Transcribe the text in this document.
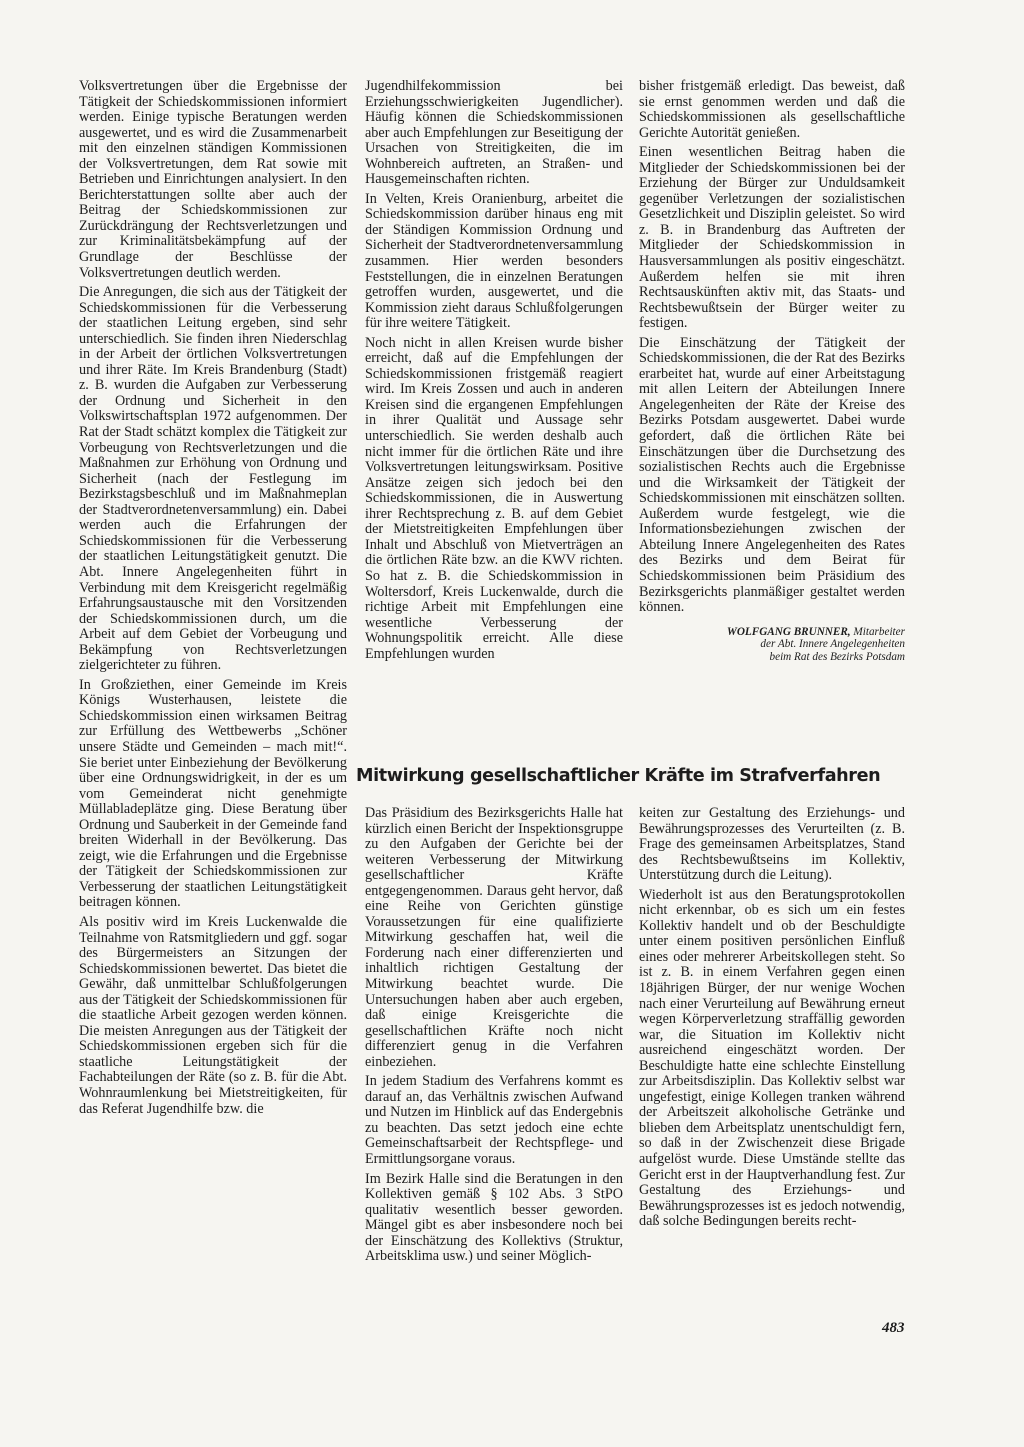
Volksvertretungen über die Ergebnisse der Tätigkeit der Schiedskommissionen informiert werden. Einige typische Beratungen werden ausgewertet, und es wird die Zusammenarbeit mit den einzelnen ständigen Kommissionen der Volksvertretungen, dem Rat sowie mit Betrieben und Einrichtungen analysiert. In den Berichterstattungen sollte aber auch der Beitrag der Schiedskommissionen zur Zurückdrängung der Rechtsverletzungen und zur Kriminalitätsbekämpfung auf der Grundlage der Beschlüsse der Volksvertretungen deutlich werden.

Die Anregungen, die sich aus der Tätigkeit der Schiedskommissionen für die Verbesserung der staatlichen Leitung ergeben, sind sehr unterschiedlich. Sie finden ihren Niederschlag in der Arbeit der örtlichen Volksvertretungen und ihrer Räte. Im Kreis Brandenburg (Stadt) z. B. wurden die Aufgaben zur Verbesserung der Ordnung und Sicherheit in den Volkswirtschaftsplan 1972 aufgenommen. Der Rat der Stadt schätzt komplex die Tätigkeit zur Vorbeugung von Rechtsverletzungen und die Maßnahmen zur Erhöhung von Ordnung und Sicherheit (nach der Festlegung im Bezirkstagsbeschluß und im Maßnahmeplan der Stadtverordnetenversammlung) ein. Dabei werden auch die Erfahrungen der Schiedskommissionen für die Verbesserung der staatlichen Leitungstätigkeit genutzt. Die Abt. Innere Angelegenheiten führt in Verbindung mit dem Kreisgericht regelmäßig Erfahrungsaustausche mit den Vorsitzenden der Schiedskommissionen durch, um die Arbeit auf dem Gebiet der Vorbeugung und Bekämpfung von Rechtsverletzungen zielgerichteter zu führen.

In Großziethen, einer Gemeinde im Kreis Königs Wusterhausen, leistete die Schiedskommission einen wirksamen Beitrag zur Erfüllung des Wettbewerbs „Schöner unsere Städte und Gemeinden – mach mit!“. Sie beriet unter Einbeziehung der Bevölkerung über eine Ordnungswidrigkeit, in der es um vom Gemeinderat nicht genehmigte Müllabladeplätze ging. Diese Beratung über Ordnung und Sauberkeit in der Gemeinde fand breiten Widerhall in der Bevölkerung. Das zeigt, wie die Erfahrungen und die Ergebnisse der Tätigkeit der Schiedskommissionen zur Verbesserung der staatlichen Leitungstätigkeit beitragen können.

Als positiv wird im Kreis Luckenwalde die Teilnahme von Ratsmitgliedern und ggf. sogar des Bürgermeisters an Sitzungen der Schiedskommissionen bewertet. Das bietet die Gewähr, daß unmittelbar Schlußfolgerungen aus der Tätigkeit der Schiedskommissionen für die staatliche Arbeit gezogen werden können. Die meisten Anregungen aus der Tätigkeit der Schiedskommissionen ergeben sich für die staatliche Leitungstätigkeit der Fachabteilungen der Räte (so z. B. für die Abt. Wohnraumlenkung bei Mietstreitigkeiten, für das Referat Jugendhilfe bzw. die

Jugendhilfekommission bei Erziehungsschwierigkeiten Jugendlicher). Häufig können die Schiedskommissionen aber auch Empfehlungen zur Beseitigung der Ursachen von Streitigkeiten, die im Wohnbereich auftreten, an Straßen- und Hausgemeinschaften richten.

In Velten, Kreis Oranienburg, arbeitet die Schiedskommission darüber hinaus eng mit der Ständigen Kommission Ordnung und Sicherheit der Stadtverordnetenversammlung zusammen. Hier werden besonders Feststellungen, die in einzelnen Beratungen getroffen wurden, ausgewertet, und die Kommission zieht daraus Schlußfolgerungen für ihre weitere Tätigkeit.

Noch nicht in allen Kreisen wurde bisher erreicht, daß auf die Empfehlungen der Schiedskommissionen fristgemäß reagiert wird. Im Kreis Zossen und auch in anderen Kreisen sind die ergangenen Empfehlungen in ihrer Qualität und Aussage sehr unterschiedlich. Sie werden deshalb auch nicht immer für die örtlichen Räte und ihre Volksvertretungen leitungswirksam. Positive Ansätze zeigen sich jedoch bei den Schiedskommissionen, die in Auswertung ihrer Rechtsprechung z. B. auf dem Gebiet der Mietstreitigkeiten Empfehlungen über Inhalt und Abschluß von Mietverträgen an die örtlichen Räte bzw. an die KWV richten. So hat z. B. die Schiedskommission in Woltersdorf, Kreis Luckenwalde, durch die richtige Arbeit mit Empfehlungen eine wesentliche Verbesserung der Wohnungspolitik erreicht. Alle diese Empfehlungen wurden

bisher fristgemäß erledigt. Das beweist, daß sie ernst genommen werden und daß die Schiedskommissionen als gesellschaftliche Gerichte Autorität genießen.

Einen wesentlichen Beitrag haben die Mitglieder der Schiedskommissionen bei der Erziehung der Bürger zur Unduldsamkeit gegenüber Verletzungen der sozialistischen Gesetzlichkeit und Disziplin geleistet. So wird z. B. in Brandenburg das Auftreten der Mitglieder der Schiedskommission in Hausversammlungen als positiv eingeschätzt. Außerdem helfen sie mit ihren Rechtsauskünften aktiv mit, das Staats- und Rechtsbewußtsein der Bürger weiter zu festigen.

Die Einschätzung der Tätigkeit der Schiedskommissionen, die der Rat des Bezirks erarbeitet hat, wurde auf einer Arbeitstagung mit allen Leitern der Abteilungen Innere Angelegenheiten der Räte der Kreise des Bezirks Potsdam ausgewertet. Dabei wurde gefordert, daß die örtlichen Räte bei Einschätzungen über die Durchsetzung des sozialistischen Rechts auch die Ergebnisse und die Wirksamkeit der Tätigkeit der Schiedskommissionen mit einschätzen sollten. Außerdem wurde festgelegt, wie die Informationsbeziehungen zwischen der Abteilung Innere Angelegenheiten des Rates des Bezirks und dem Beirat für Schiedskommissionen beim Präsidium des Bezirksgerichts planmäßiger gestaltet werden können.

WOLFGANG BRUNNER, Mitarbeiter
der Abt. Innere Angelegenheiten
beim Rat des Bezirks Potsdam
Mitwirkung gesellschaftlicher Kräfte im Strafverfahren

Das Präsidium des Bezirksgerichts Halle hat kürzlich einen Bericht der Inspektionsgruppe zu den Aufgaben der Gerichte bei der weiteren Verbesserung der Mitwirkung gesellschaftlicher Kräfte entgegengenommen. Daraus geht hervor, daß eine Reihe von Gerichten günstige Voraussetzungen für eine qualifizierte Mitwirkung geschaffen hat, weil die Forderung nach einer differenzierten und inhaltlich richtigen Gestaltung der Mitwirkung beachtet wurde. Die Untersuchungen haben aber auch ergeben, daß einige Kreisgerichte die gesellschaftlichen Kräfte noch nicht differenziert genug in die Verfahren einbeziehen.

In jedem Stadium des Verfahrens kommt es darauf an, das Verhältnis zwischen Aufwand und Nutzen im Hinblick auf das Endergebnis zu beachten. Das setzt jedoch eine echte Gemeinschaftsarbeit der Rechtspflege- und Ermittlungsorgane voraus.

Im Bezirk Halle sind die Beratungen in den Kollektiven gemäß § 102 Abs. 3 StPO qualitativ wesentlich besser geworden. Mängel gibt es aber insbesondere noch bei der Einschätzung des Kollektivs (Struktur, Arbeitsklima usw.) und seiner Möglich-

keiten zur Gestaltung des Erziehungs- und Bewährungsprozesses des Verurteilten (z. B. Frage des gemeinsamen Arbeitsplatzes, Stand des Rechtsbewußtseins im Kollektiv, Unterstützung durch die Leitung).

Wiederholt ist aus den Beratungsprotokollen nicht erkennbar, ob es sich um ein festes Kollektiv handelt und ob der Beschuldigte unter einem positiven persönlichen Einfluß eines oder mehrerer Arbeitskollegen steht. So ist z. B. in einem Verfahren gegen einen 18jährigen Bürger, der nur wenige Wochen nach einer Verurteilung auf Bewährung erneut wegen Körperverletzung straffällig geworden war, die Situation im Kollektiv nicht ausreichend eingeschätzt worden. Der Beschuldigte hatte eine schlechte Einstellung zur Arbeitsdisziplin. Das Kollektiv selbst war ungefestigt, einige Kollegen tranken während der Arbeitszeit alkoholische Getränke und blieben dem Arbeitsplatz unentschuldigt fern, so daß in der Zwischenzeit diese Brigade aufgelöst wurde. Diese Umstände stellte das Gericht erst in der Hauptverhandlung fest. Zur Gestaltung des Erziehungs- und Bewährungsprozesses ist es jedoch notwendig, daß solche Bedingungen bereits recht-

483
